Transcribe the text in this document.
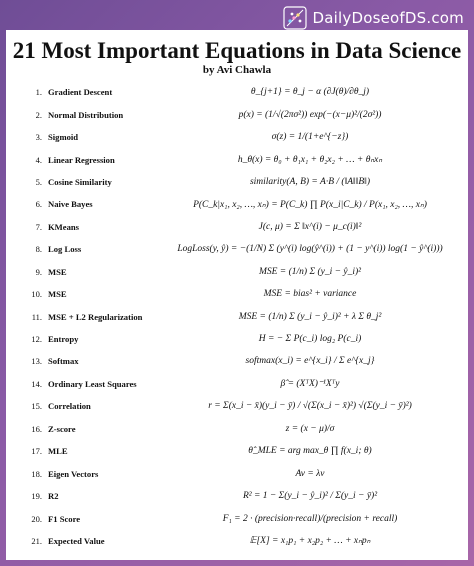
DailyDoseofDS.com
21 Most Important Equations in Data Science
by Avi Chawla
1. Gradient Descent	θ_{j+1} = θ_j − α (∂J(θ)/∂θ_j)
2. Normal Distribution	p(x) = (1/√(2πσ²)) exp(−(x−μ)²/(2σ²))
3. Sigmoid	σ(z) = 1/(1+e^{−z})
4. Linear Regression	h_θ(x) = θ₀ + θ₁x₁ + θ₂x₂ + … + θₙxₙ
5. Cosine Similarity	similarity(A, B) = A·B / (‖A‖‖B‖)
6. Naive Bayes	P(C_k|x₁, x₂, …, xₙ) = P(C_k) ∏ P(x_i|C_k) / P(x₁, x₂, …, xₙ)
7. KMeans	J(c, μ) = Σ ‖x^(i) − μ_c(i)‖²
8. Log Loss	LogLoss(y, ŷ) = −(1/N) Σ (y^(i) log(ŷ^(i)) + (1 − y^(i)) log(1 − ŷ^(i)))
9. MSE	MSE = (1/n) Σ (y_i − ŷ_i)²
10. MSE	MSE = bias² + variance
11. MSE + L2 Regularization	MSE = (1/n) Σ (y_i − ŷ_i)² + λ Σ θ_j²
12. Entropy	H = − Σ P(c_i) log₂ P(c_i)
13. Softmax	softmax(x_i) = e^{x_i} / Σ e^{x_j}
14. Ordinary Least Squares	β̂ = (XᵀX)⁻¹Xᵀy
15. Correlation	r = Σ(x_i − x̄)(y_i − ȳ) / √(Σ(x_i − x̄)²) √(Σ(y_i − ȳ)²)
16. Z-score	z = (x − μ)/σ
17. MLE	θ̂_MLE = arg max_θ ∏ f(x_i; θ)
18. Eigen Vectors	Av = λv
19. R2	R² = 1 − Σ(y_i − ŷ_i)² / Σ(y_i − ȳ)²
20. F1 Score	F₁ = 2 · (precision·recall)/(precision + recall)
21. Expected Value	𝔼[X] = x₁p₁ + x₂p₂ + … + xₙpₙ
